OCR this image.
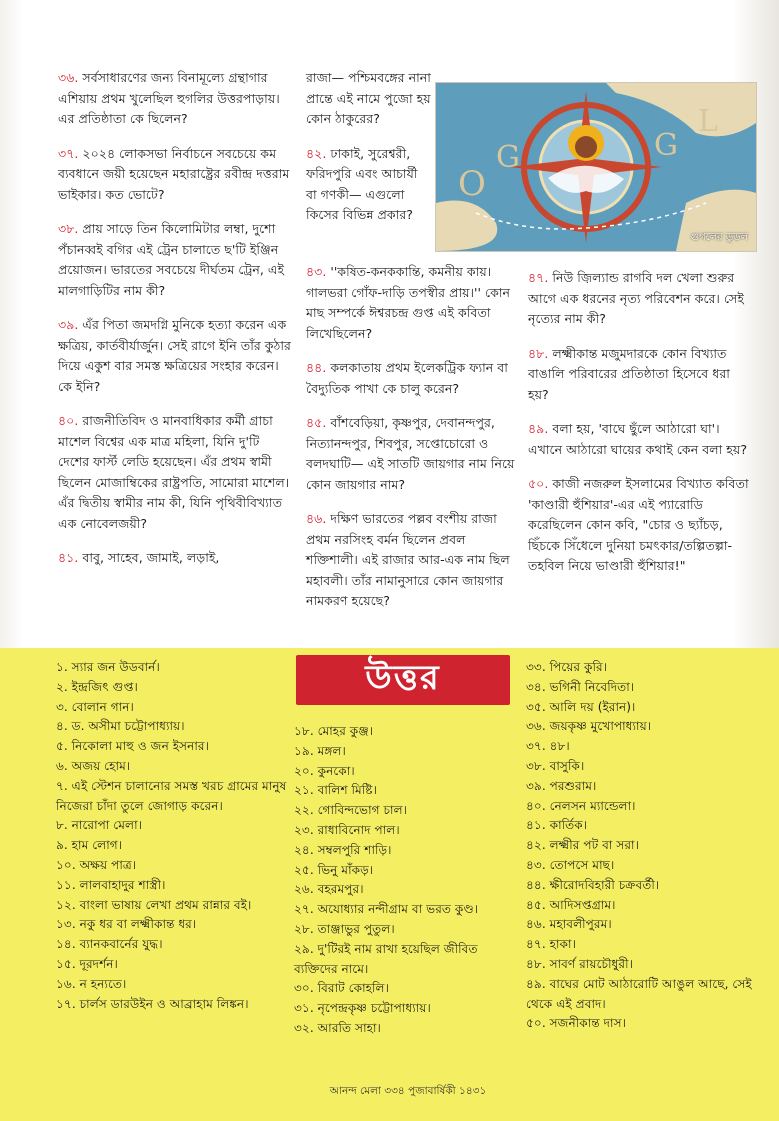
৩৬. সর্বসাধারণের জন্য বিনামূল্যে গ্রন্থাগার এশিয়ায় প্রথম খুলেছিল হুগলির উত্তরপাড়ায়। এর প্রতিষ্ঠাতা কে ছিলেন?
৩৭. ২০২৪ লোকসভা নির্বাচনে সবচেয়ে কম ব্যবধানে জয়ী হয়েছেন মহারাষ্ট্রের রবীন্দ্র দত্তরাম ভাইকার। কত ভোটে?
৩৮. প্রায় সাড়ে তিন কিলোমিটার লম্বা, দুশো পঁচানব্বই বগির এই ট্রেন চালাতে ছ'টি ইঞ্জিন প্রয়োজন। ভারতের সবচেয়ে দীর্ঘতম ট্রেন, এই মালগাড়িটির নাম কী?
৩৯. এঁর পিতা জমদগ্নি মুনিকে হত্যা করেন এক ক্ষত্রিয়, কার্তবীর্যার্জুন। সেই রাগে ইনি তাঁর কুঠার দিয়ে একুশ বার সমস্ত ক্ষত্রিয়ের সংহার করেন। কে ইনি?
৪০. রাজনীতিবিদ ও মানবাধিকার কর্মী গ্রাচা মাশেল বিশ্বের এক মাত্র মহিলা, যিনি দু'টি দেশের ফার্স্ট লেডি হয়েছেন। এঁর প্রথম স্বামী ছিলেন মোজাম্বিকের রাষ্ট্রপতি, সামোরা মাশেল। এঁর দ্বিতীয় স্বামীর নাম কী, যিনি পৃথিবীবিখ্যাত এক নোবেলজয়ী?
৪১. বাবু, সাহেব, জামাই, লড়াই,
রাজা— পশ্চিমবঙ্গের নানা প্রান্তে এই নামে পুজো হয় কোন ঠাকুরের?
৪২. ঢাকাই, সুরেশ্বরী, ফরিদপুরি এবং আচার্যী বা গণকী— এগুলো কিসের বিভিন্ন প্রকার?
O
G	G
L
গুগলের ডুডল
৪৩. ''কষিত-কনককান্তি, কমনীয় কায়। গালভরা গোঁফ-দাড়ি তপস্বীর প্রায়।'' কোন মাছ সম্পর্কে ঈশ্বরচন্দ্র গুপ্ত এই কবিতা লিখেছিলেন?
৪৪. কলকাতায় প্রথম ইলেকট্রিক ফ্যান বা বৈদ্যুতিক পাখা কে চালু করেন?
৪৫. বাঁশবেড়িয়া, কৃষ্ণপুর, দেবানন্দপুর, নিত্যানন্দপুর, শিবপুর, সপ্তোচোরো ও বলদঘাটি— এই সাতটি জায়গার নাম নিয়ে কোন জায়গার নাম?
৪৬. দক্ষিণ ভারতের পল্লব বংশীয় রাজা প্রথম নরসিংহ বর্মন ছিলেন প্রবল শক্তিশালী। এই রাজার আর-এক নাম ছিল মহাবলী। তাঁর নামানুসারে কোন জায়গার নামকরণ হয়েছে?
৪৭. নিউ জ়িল্যান্ড রাগবি দল খেলা শুরুর আগে এক ধরনের নৃত্য পরিবেশন করে। সেই নৃত্যের নাম কী?
৪৮. লক্ষ্মীকান্ত মজুমদারকে কোন বিখ্যাত বাঙালি পরিবারের প্রতিষ্ঠাতা হিসেবে ধরা হয়?
৪৯. বলা হয়, 'বাঘে ছুঁলে আঠারো ঘা'। এখানে আঠারো ঘায়ের কথাই কেন বলা হয়?
৫০. কাজী নজরুল ইসলামের বিখ্যাত কবিতা 'কাণ্ডারী হুঁশিয়ার'-এর এই প্যারোডি করেছিলেন কোন কবি, "চোর ও ছ্যাঁচড়, ছিঁচকে সিঁধেলে দুনিয়া চমৎকার/তল্পিতল্পা-তহবিল নিয়ে ভাণ্ডারী হুঁশিয়ার!"
উত্তর
১. স্যার জন উডবার্ন।
২. ইন্দ্রজিৎ গুপ্ত।
৩. বোলান গান।
৪. ড. অসীমা চট্টোপাধ্যায়।
৫. নিকোলা মাহু ও জন ইসনার।
৬. অজয় হোম।
৭. এই স্টেশন চালানোর সমস্ত খরচ গ্রামের মানুষ নিজেরা চাঁদা তুলে জোগাড় করেন।
৮. নারোপা মেলা।
৯. হাম লোগ।
১০. অক্ষয় পাত্র।
১১. লালবাহাদুর শাস্ত্রী।
১২. বাংলা ভাষায় লেখা প্রথম রান্নার বই।
১৩. নকু ধর বা লক্ষ্মীকান্ত ধর।
১৪. ব্যানকবার্নের যুদ্ধ।
১৫. দূরদর্শন।
১৬. ন হন্যতে।
১৭. চার্লস ডারউইন ও আব্রাহাম লিঙ্কন।
১৮. মোহর কুঞ্জ।
১৯. মঙ্গল।
২০. কুনকো।
২১. বালিশ মিষ্টি।
২২. গোবিন্দভোগ চাল।
২৩. রাধাবিনোদ পাল।
২৪. সম্বলপুরি শাড়ি।
২৫. ভিনু মাঁকড়।
২৬. বহরমপুর।
২৭. অযোধ্যার নন্দীগ্রাম বা ভরত কুণ্ড।
২৮. তাঞ্জাভুর পুতুল।
২৯. দু'টিরই নাম রাখা হয়েছিল জীবিত ব্যক্তিদের নামে।
৩০. বিরাট কোহলি।
৩১. নৃপেন্দ্রকৃষ্ণ চট্টোপাধ্যায়।
৩২. আরতি সাহা।
৩৩. পিয়ের কুরি।
৩৪. ভগিনী নিবেদিতা।
৩৫. আলি দয় (ইরান)।
৩৬. জয়কৃষ্ণ মুখোপাধ্যায়।
৩৭. ৪৮।
৩৮. বাসুকি।
৩৯. পরশুরাম।
৪০. নেলসন ম্যান্ডেলা।
৪১. কার্তিক।
৪২. লক্ষ্মীর পট বা সরা।
৪৩. তোপসে মাছ।
৪৪. ক্ষীরোদবিহারী চক্রবর্তী।
৪৫. আদিসপ্তগ্রাম।
৪৬. মহাবলীপুরম।
৪৭. হাকা।
৪৮. সাবর্ণ রায়চৌধুরী।
৪৯. বাঘের মোট আঠারোটি আঙুল আছে, সেই থেকে এই প্রবাদ।
৫০. সজনীকান্ত দাস।
আনন্দ মেলা ৩৩৪ পুজাবার্ষিকী ১৪৩১
